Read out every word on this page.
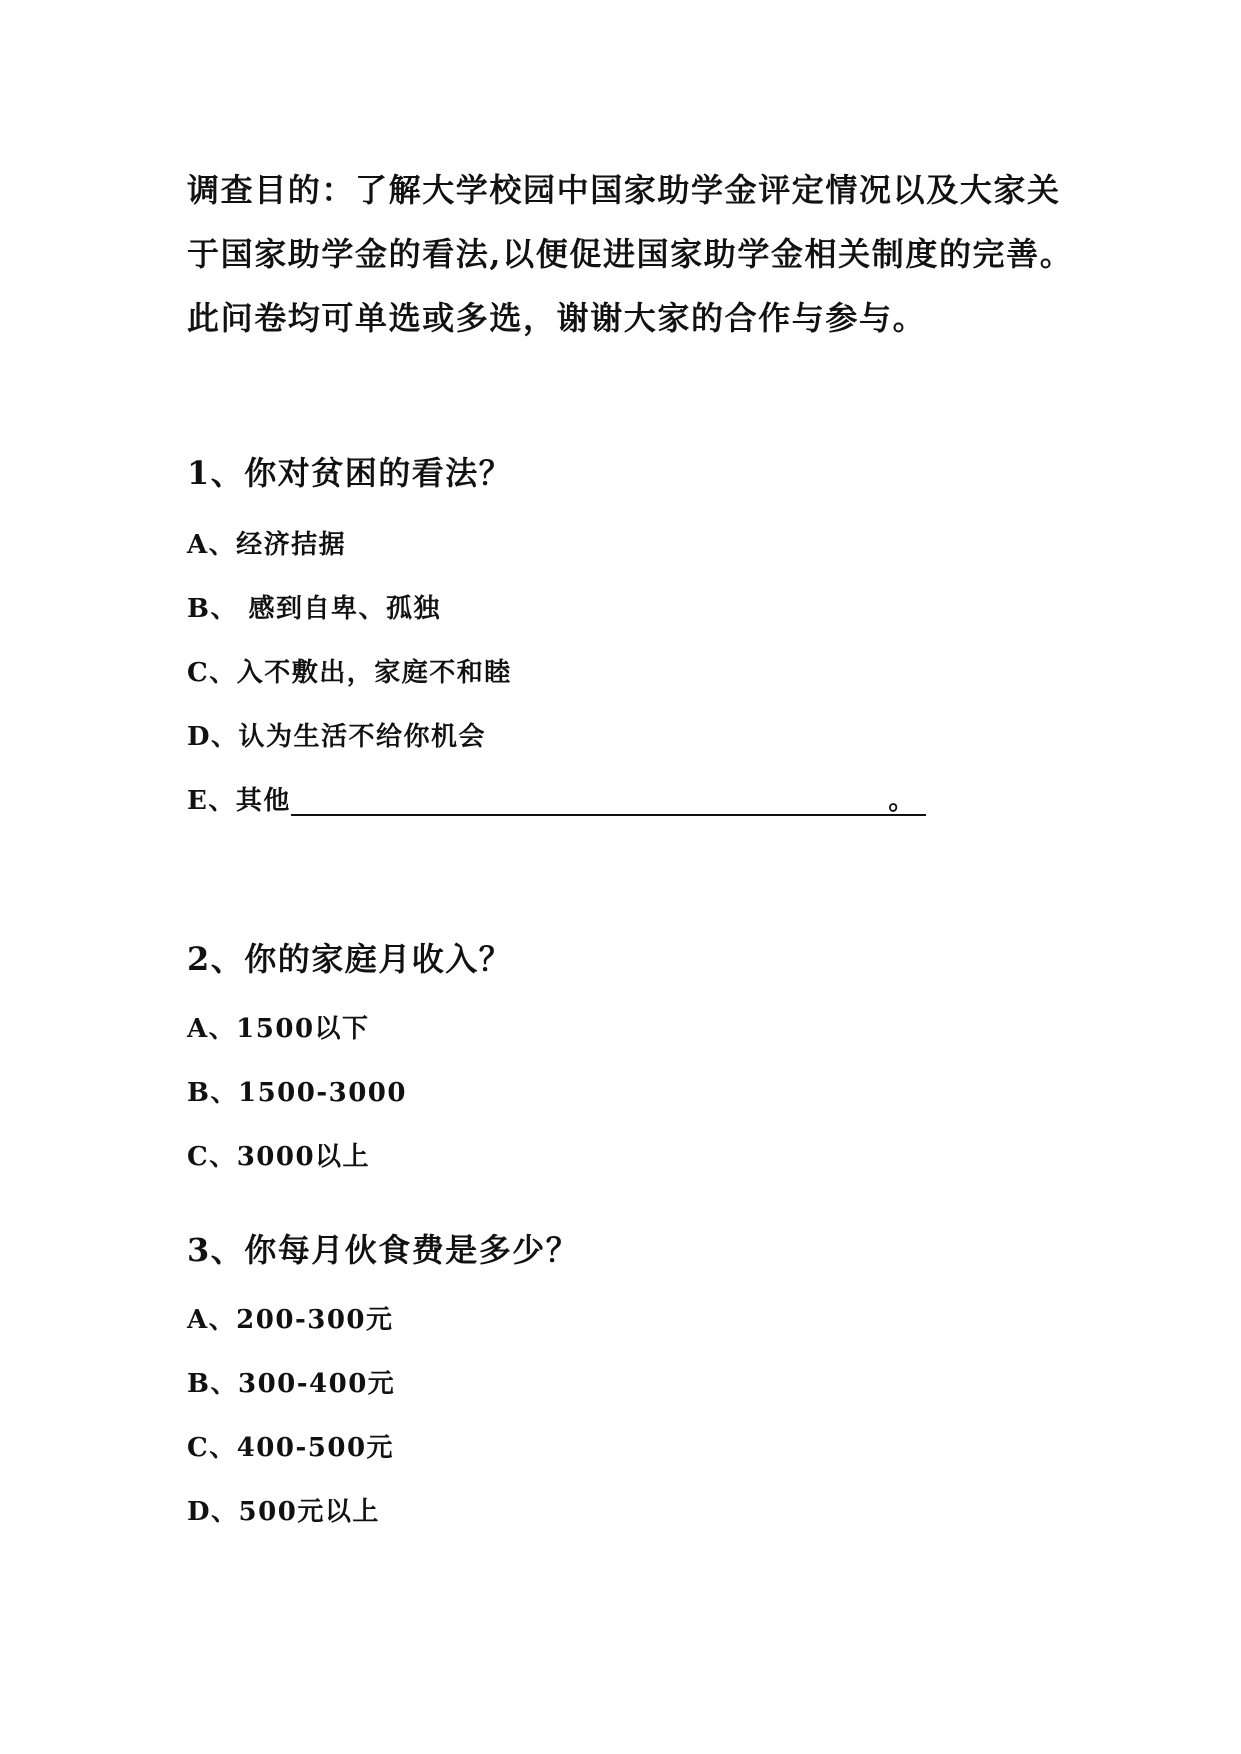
调查目的：了解大学校园中国家助学金评定情况以及大家关

于国家助学金的看法,以便促进国家助学金相关制度的完善。

此问卷均可单选或多选，谢谢大家的合作与参与。

1、你对贫困的看法？

A、经济拮据

B、 感到自卑、孤独

C、入不敷出，家庭不和睦

D、认为生活不给你机会

E、其他	。

2、你的家庭月收入？

A、1500以下

B、1500-3000

C、3000以上

3、你每月伙食费是多少？

A、200-300元

B、300-400元

C、400-500元

D、500元以上
